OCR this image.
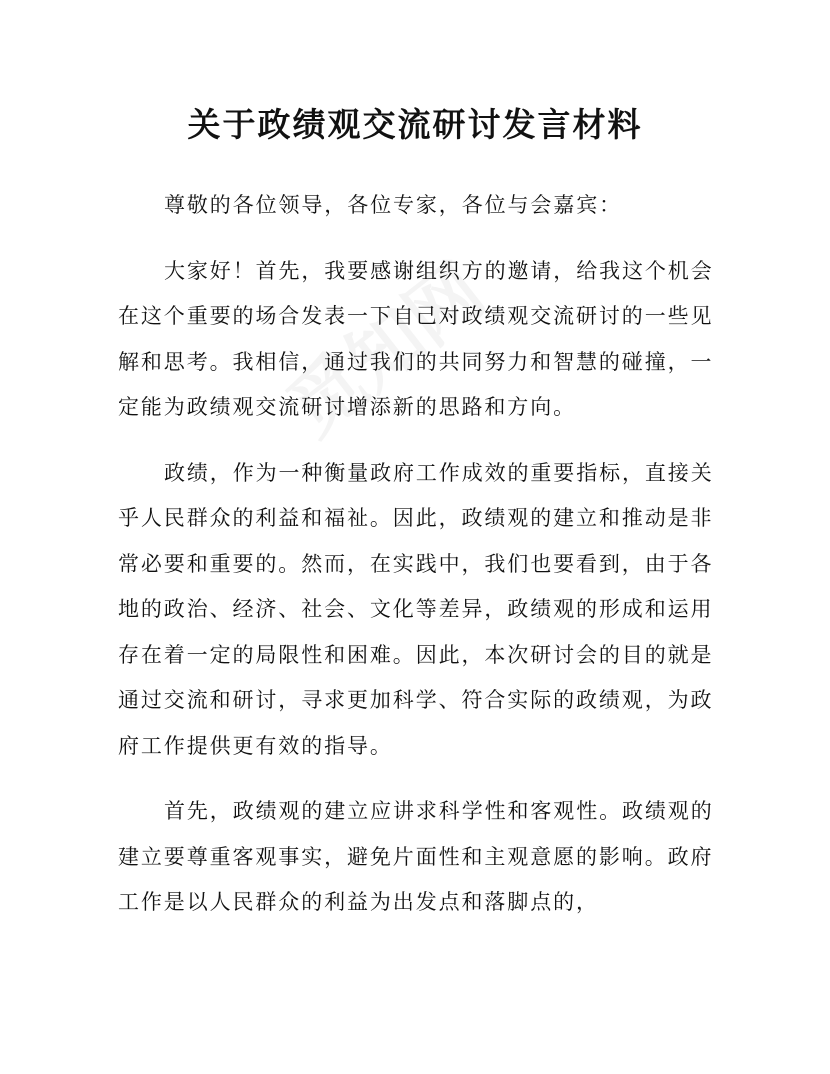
关于政绩观交流研讨发言材料

尊敬的各位领导，各位专家，各位与会嘉宾：

大家好！首先，我要感谢组织方的邀请，给我这个机会在这个重要的场合发表一下自己对政绩观交流研讨的一些见解和思考。我相信，通过我们的共同努力和智慧的碰撞，一定能为政绩观交流研讨增添新的思路和方向。

政绩，作为一种衡量政府工作成效的重要指标，直接关乎人民群众的利益和福祉。因此，政绩观的建立和推动是非常必要和重要的。然而，在实践中，我们也要看到，由于各地的政治、经济、社会、文化等差异，政绩观的形成和运用存在着一定的局限性和困难。因此，本次研讨会的目的就是通过交流和研讨，寻求更加科学、符合实际的政绩观，为政府工作提供更有效的指导。

首先，政绩观的建立应讲求科学性和客观性。政绩观的建立要尊重客观事实，避免片面性和主观意愿的影响。政府工作是以人民群众的利益为出发点和落脚点的，
